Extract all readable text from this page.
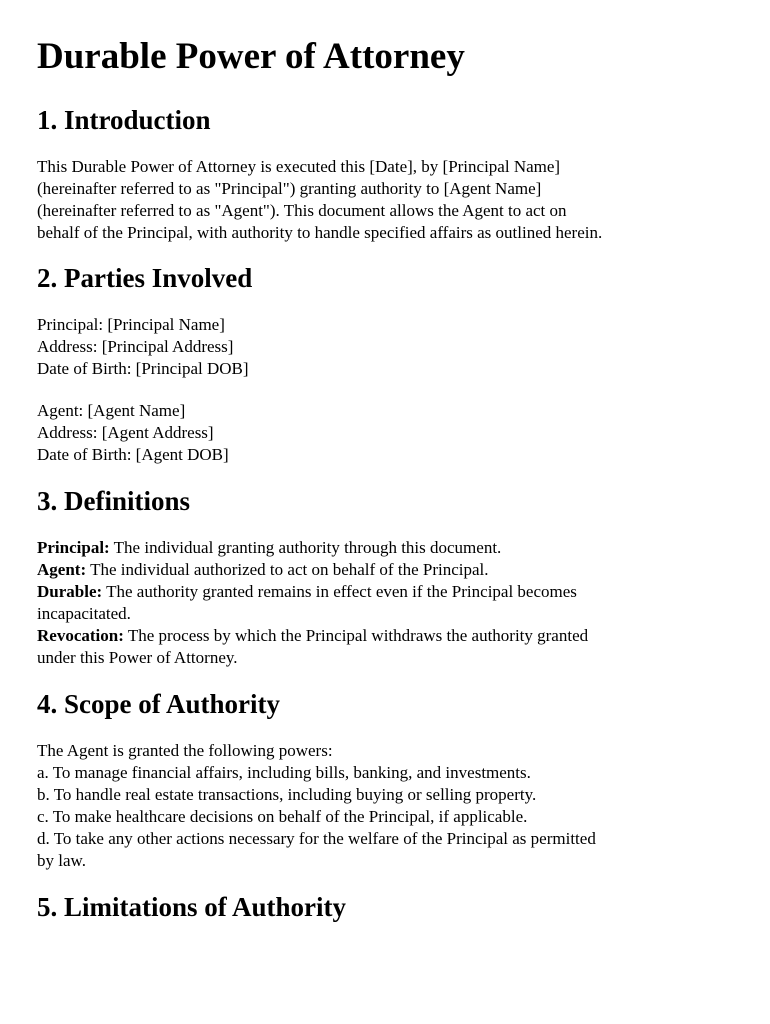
Durable Power of Attorney
1. Introduction

This Durable Power of Attorney is executed this [Date], by [Principal Name]
(hereinafter referred to as "Principal") granting authority to [Agent Name]
(hereinafter referred to as "Agent"). This document allows the Agent to act on
behalf of the Principal, with authority to handle specified affairs as outlined herein.

2. Parties Involved

Principal: [Principal Name]
Address: [Principal Address]
Date of Birth: [Principal DOB]

Agent: [Agent Name]
Address: [Agent Address]
Date of Birth: [Agent DOB]

3. Definitions

Principal: The individual granting authority through this document.
Agent: The individual authorized to act on behalf of the Principal.
Durable: The authority granted remains in effect even if the Principal becomes
incapacitated.
Revocation: The process by which the Principal withdraws the authority granted
under this Power of Attorney.

4. Scope of Authority

The Agent is granted the following powers:
a. To manage financial affairs, including bills, banking, and investments.
b. To handle real estate transactions, including buying or selling property.
c. To make healthcare decisions on behalf of the Principal, if applicable.
d. To take any other actions necessary for the welfare of the Principal as permitted
by law.

5. Limitations of Authority
